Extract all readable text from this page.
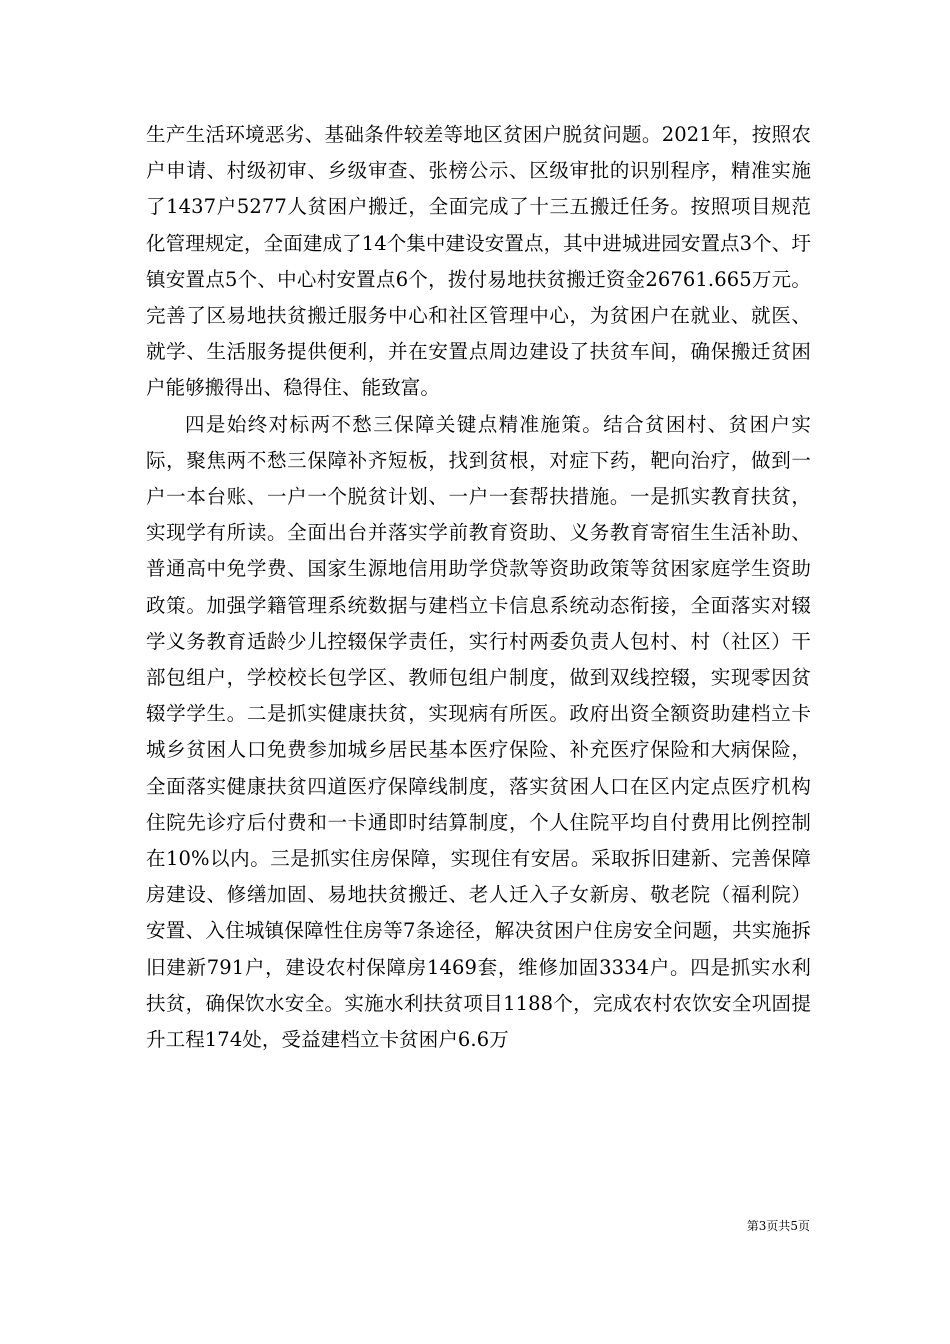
生产生活环境恶劣、基础条件较差等地区贫困户脱贫问题。2021年，按照农户申请、村级初审、乡级审查、张榜公示、区级审批的识别程序，精准实施了1437户5277人贫困户搬迁，全面完成了十三五搬迁任务。按照项目规范化管理规定，全面建成了14个集中建设安置点，其中进城进园安置点3个、圩镇安置点5个、中心村安置点6个，拨付易地扶贫搬迁资金26761.665万元。完善了区易地扶贫搬迁服务中心和社区管理中心，为贫困户在就业、就医、就学、生活服务提供便利，并在安置点周边建设了扶贫车间，确保搬迁贫困户能够搬得出、稳得住、能致富。

四是始终对标两不愁三保障关键点精准施策。结合贫困村、贫困户实际，聚焦两不愁三保障补齐短板，找到贫根，对症下药，靶向治疗，做到一户一本台账、一户一个脱贫计划、一户一套帮扶措施。一是抓实教育扶贫，实现学有所读。全面出台并落实学前教育资助、义务教育寄宿生生活补助、普通高中免学费、国家生源地信用助学贷款等资助政策等贫困家庭学生资助政策。加强学籍管理系统数据与建档立卡信息系统动态衔接，全面落实对辍学义务教育适龄少儿控辍保学责任，实行村两委负责人包村、村（社区）干部包组户，学校校长包学区、教师包组户制度，做到双线控辍，实现零因贫辍学学生。二是抓实健康扶贫，实现病有所医。政府出资全额资助建档立卡城乡贫困人口免费参加城乡居民基本医疗保险、补充医疗保险和大病保险，全面落实健康扶贫四道医疗保障线制度，落实贫困人口在区内定点医疗机构住院先诊疗后付费和一卡通即时结算制度，个人住院平均自付费用比例控制在10%以内。三是抓实住房保障，实现住有安居。采取拆旧建新、完善保障房建设、修缮加固、易地扶贫搬迁、老人迁入子女新房、敬老院（福利院）安置、入住城镇保障性住房等7条途径，解决贫困户住房安全问题，共实施拆旧建新791户，建设农村保障房1469套，维修加固3334户。四是抓实水利扶贫，确保饮水安全。实施水利扶贫项目1188个，完成农村农饮安全巩固提升工程174处，受益建档立卡贫困户6.6万

第3页共5页
